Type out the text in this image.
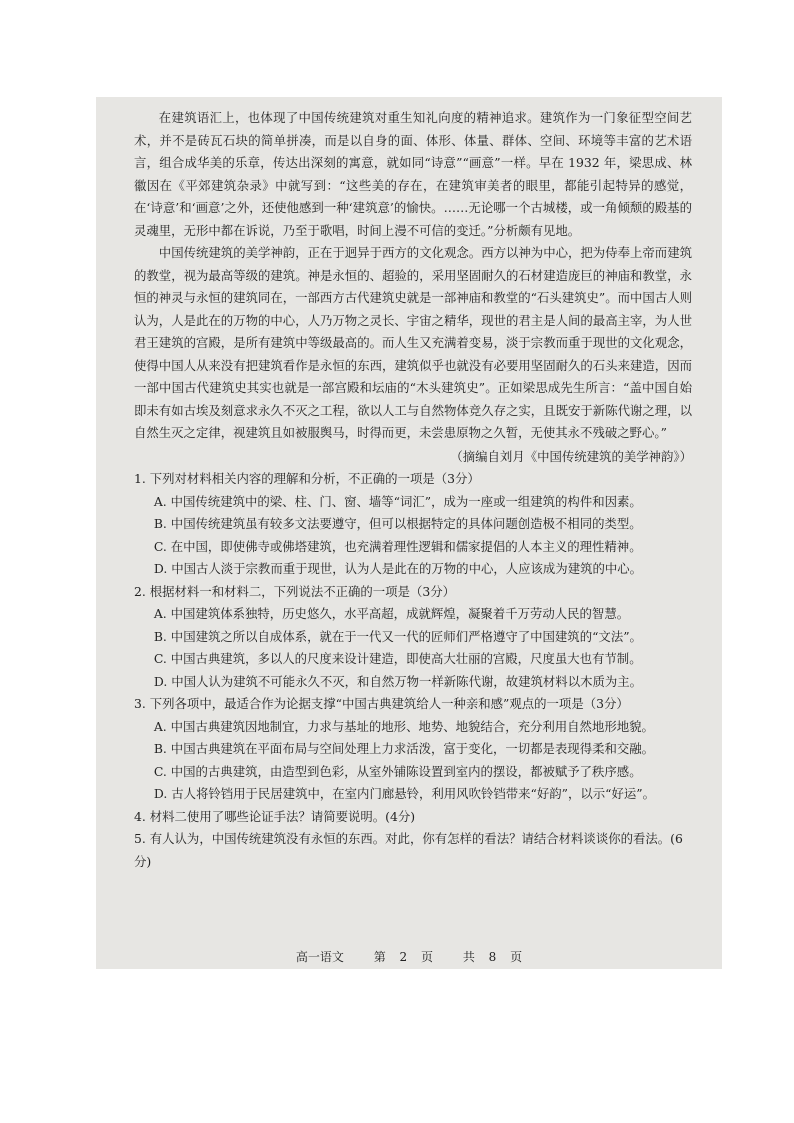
在建筑语汇上，也体现了中国传统建筑对重生知礼向度的精神追求。建筑作为一门象征型空间艺术，并不是砖瓦石块的简单拼凑，而是以自身的面、体形、体量、群体、空间、环境等丰富的艺术语言，组合成华美的乐章，传达出深刻的寓意，就如同“诗意”“画意”一样。早在 1932 年，梁思成、林徽因在《平郊建筑杂录》中就写到：“这些美的存在，在建筑审美者的眼里，都能引起特异的感觉，在‘诗意’和‘画意’之外，还使他感到一种‘建筑意’的愉快。……无论哪一个古城楼，或一角倾颓的殿基的灵魂里，无形中都在诉说，乃至于歌唱，时间上漫不可信的变迁。”分析颇有见地。

中国传统建筑的美学神韵，正在于迥异于西方的文化观念。西方以神为中心，把为侍奉上帝而建筑的教堂，视为最高等级的建筑。神是永恒的、超验的，采用坚固耐久的石材建造庞巨的神庙和教堂，永恒的神灵与永恒的建筑同在，一部西方古代建筑史就是一部神庙和教堂的“石头建筑史”。而中国古人则认为，人是此在的万物的中心，人乃万物之灵长、宇宙之精华，现世的君主是人间的最高主宰，为人世君王建筑的宫殿，是所有建筑中等级最高的。而人生又充满着变易，淡于宗教而重于现世的文化观念，使得中国人从来没有把建筑看作是永恒的东西，建筑似乎也就没有必要用坚固耐久的石头来建造，因而一部中国古代建筑史其实也就是一部宫殿和坛庙的“木头建筑史”。正如梁思成先生所言：“盖中国自始即未有如古埃及刻意求永久不灭之工程，欲以人工与自然物体竞久存之实，且既安于新陈代谢之理，以自然生灭之定律，视建筑且如被服舆马，时得而更，未尝患原物之久暂，无使其永不残破之野心。”

（摘编自刘月《中国传统建筑的美学神韵》）

1. 下列对材料相关内容的理解和分析，不正确的一项是（3分）
A. 中国传统建筑中的梁、柱、门、窗、墙等“词汇”，成为一座或一组建筑的构件和因素。
B. 中国传统建筑虽有较多文法要遵守，但可以根据特定的具体问题创造极不相同的类型。
C. 在中国，即使佛寺或佛塔建筑，也充满着理性逻辑和儒家提倡的人本主义的理性精神。
D. 中国古人淡于宗教而重于现世，认为人是此在的万物的中心，人应该成为建筑的中心。
2. 根据材料一和材料二，下列说法不正确的一项是（3分）
A. 中国建筑体系独特，历史悠久，水平高超，成就辉煌，凝聚着千万劳动人民的智慧。
B. 中国建筑之所以自成体系，就在于一代又一代的匠师们严格遵守了中国建筑的“文法”。
C. 中国古典建筑，多以人的尺度来设计建造，即使高大壮丽的宫殿，尺度虽大也有节制。
D. 中国人认为建筑不可能永久不灭，和自然万物一样新陈代谢，故建筑材料以木质为主。
3. 下列各项中，最适合作为论据支撑“中国古典建筑给人一种亲和感”观点的一项是（3分）
A. 中国古典建筑因地制宜，力求与基址的地形、地势、地貌结合，充分利用自然地形地貌。
B. 中国古典建筑在平面布局与空间处理上力求活泼，富于变化，一切都是表现得柔和交融。
C. 中国的古典建筑，由造型到色彩，从室外铺陈设置到室内的摆设，都被赋予了秩序感。
D. 古人将铃铛用于民居建筑中，在室内门廊悬铃，利用风吹铃铛带来“好韵”，以示“好运”。
4. 材料二使用了哪些论证手法？请简要说明。(4分)
5. 有人认为，中国传统建筑没有永恒的东西。对此，你有怎样的看法？请结合材料谈谈你的看法。(6分)
高一语文 第 2 页 共 8 页
